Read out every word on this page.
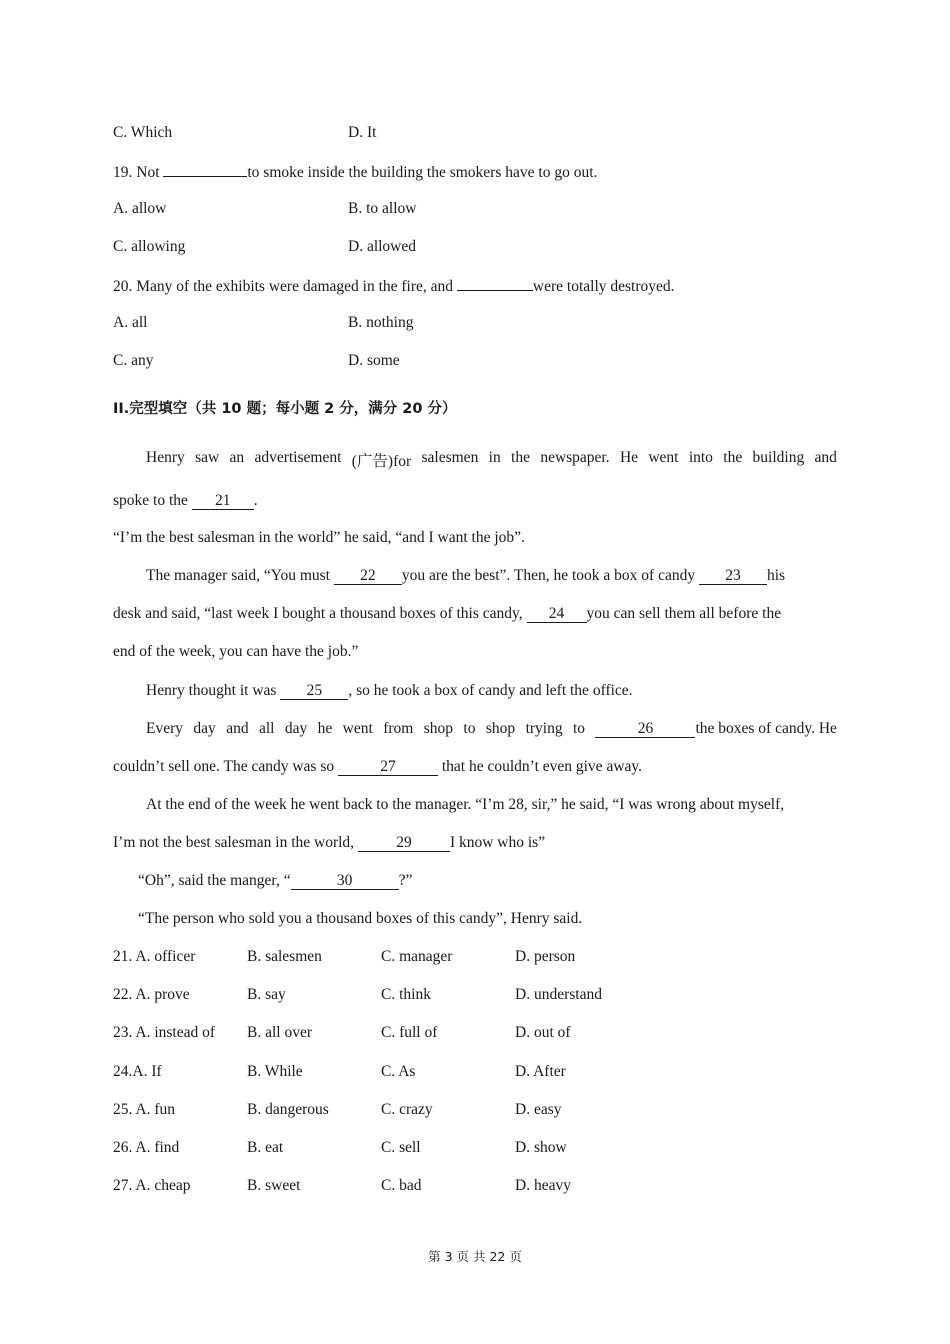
C. Which	D. It
19. Not	to smoke inside the building the smokers have to go out.
A. allow	B. to allow
C. allowing	D. allowed
20. Many of the exhibits were damaged in the fire, and	were totally destroyed.
A. all	B. nothing
C. any	D. some
II.完型填空（共 10 题；每小题 2 分，满分 20 分）
Henry saw an advertisement (广告)for salesmen in the newspaper. He went into the building and
spoke to the 21 .
“I’m the best salesman in the world” he said, “and I want the job”.
The manager said, “You must 22 you are the best”. Then, he took a box of candy 23 his
desk and said, “last week I bought a thousand boxes of this candy, 24 you can sell them all before the
end of the week, you can have the job.”
Henry thought it was 25 , so he took a box of candy and left the office.
Every day and all day he went from shop to shop trying to	26	the boxes of candy. He
couldn’t sell one. The candy was so	27	that he couldn’t even give away.
At the end of the week he went back to the manager. “I’m 28, sir,” he said, “I was wrong about myself,
I’m not the best salesman in the world, 29 I know who is”
“Oh”, said the manger, “	30	?”
“The person who sold you a thousand boxes of this candy”, Henry said.
21. A. officer	B. salesmen	C. manager	D. person
22. A. prove	B. say	C. think	D. understand
23. A. instead of B. all over	C. full of	D. out of
24.A. If	B. While	C. As	D. After
25. A. fun	B. dangerous	C. crazy	D. easy
26. A. find	B. eat	C. sell	D. show
27. A. cheap	B. sweet	C. bad	D. heavy
第 3 页 共 22 页
